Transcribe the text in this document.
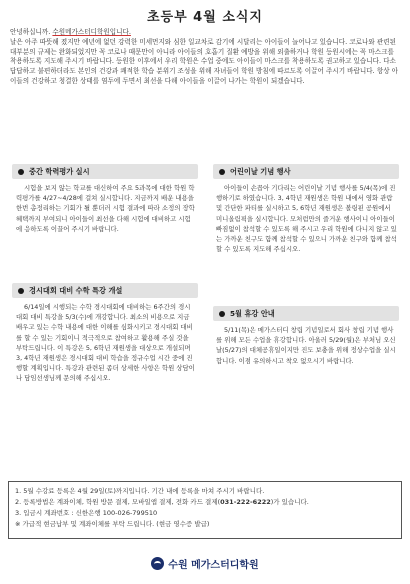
초등부 4월 소식지

안녕하십니까. 수원메가스터디학원입니다.

날은 아주 따뜻해 졌지만 예년에 없던 강력한 미세먼지와 심한 일교차로 감기에 시달리는 아이들이 늘어나고 있습니다. 코로나와 관련된 대부분의 규제는 완화되었지만 꼭 코로나 때문만이 아니라 아이들의 호흡기 질환 예방을 위해 외출하거나 학원 등원시에는 꼭 마스크를 착용하도록 지도해 주시기 바랍니다. 등원한 이후에서 우리 학원은 수업 중에도 아이들이 마스크를 착용하도록 권고하고 있습니다. 다소 답답하고 불편하더라도 본인의 건강과 쾌적한 학습 분위기 조성을 위해 자녀들이 학원 방침에 따르도록 이끌어 주시기 바랍니다. 항상 아이들의 건강하고 청결한 상태를 염두에 두면서 최선을 다해 아이들을 이끌어 나가는 학원이 되겠습니다.

중간 학력평가 실시
시험을 보지 않는 학교를 대신하여 주요 5과목에 대한 학원 학력평가를 4/27~4/28에 걸쳐 실시합니다. 지금까지 배운 내용을 한번 총정리하는 기회가 될 뿐더러 시험 결과에 따라 소정의 장학 혜택까지 부여되니 아이들이 최선을 다해 시험에 대비하고 시험에 응하도록 이끌어 주시기 바랍니다.
어린이날 기념 행사
아이들이 손꼽아 기다리는 어린이날 기념 행사를 5/4(목)에 진행하기로 하였습니다. 3, 4학년 재원생은 학원 내에서 영화 관람 및 간단한 파티를 실시하고 5, 6학년 재원생은 볼링핀 공원에서 미니올림픽을 실시합니다. 모처럼만의 즐거운 행사이니 아이들이 빠짐없이 참석할 수 있도록 해 주시고 우리 학원에 다니지 않고 있는 가까운 친구도 함께 참석할 수 있으니 가까운 친구와 함께 참석할 수 있도록 지도해 주십시오.
경시대회 대비 수학 특강 개설
6/14일에 시행되는 수학 경시대회에 대비하는 6주간의 경시대회 대비 특강을 5/3(수)에 개강합니다. 최소의 비용으로 지금 배우고 있는 수학 내용에 대한 이해를 심화시키고 경시대회 대비를 할 수 있는 기회이니 적극적으로 참여하고 활용해 주실 것을 부탁드립니다. 이 특강은 5, 6학년 재원생을 대상으로 개설되며 3, 4학년 재원생은 경시대회 대비 학습을 정규수업 시간 중에 진행할 계획입니다. 특강과 관련된 좀더 상세한 사항은 학원 상담이나 담임선생님께 문의해 주십시오.
5월 휴강 안내
5/11(목)은 메가스터디 창립 기념일로서 회사 창립 기념 행사를 위해 모든 수업을 휴강합니다. 아울러 5/29(월)은 부처님 오신날(5/27)의 대체공휴일이지만 진도 보충을 위해 정상수업을 실시합니다. 이점 유의하시고 착오 없으시기 바랍니다.
1. 5월 수강료 등록은 4월 29일(토)까지입니다. 기간 내에 등록을 마쳐 주시기 바랍니다.
2. 등록방법은 계좌이체, 학원 방문 결제, 모바일앱 결제, 전화 카드 결제(031-222-6222)가 있습니다.
3. 입금시 계좌번호 : 신한은행 100-026-799510
※ 가급적 현금납부 및 계좌이체를 부탁 드립니다. (현금 영수증 발급)
수원 메가스터디학원
